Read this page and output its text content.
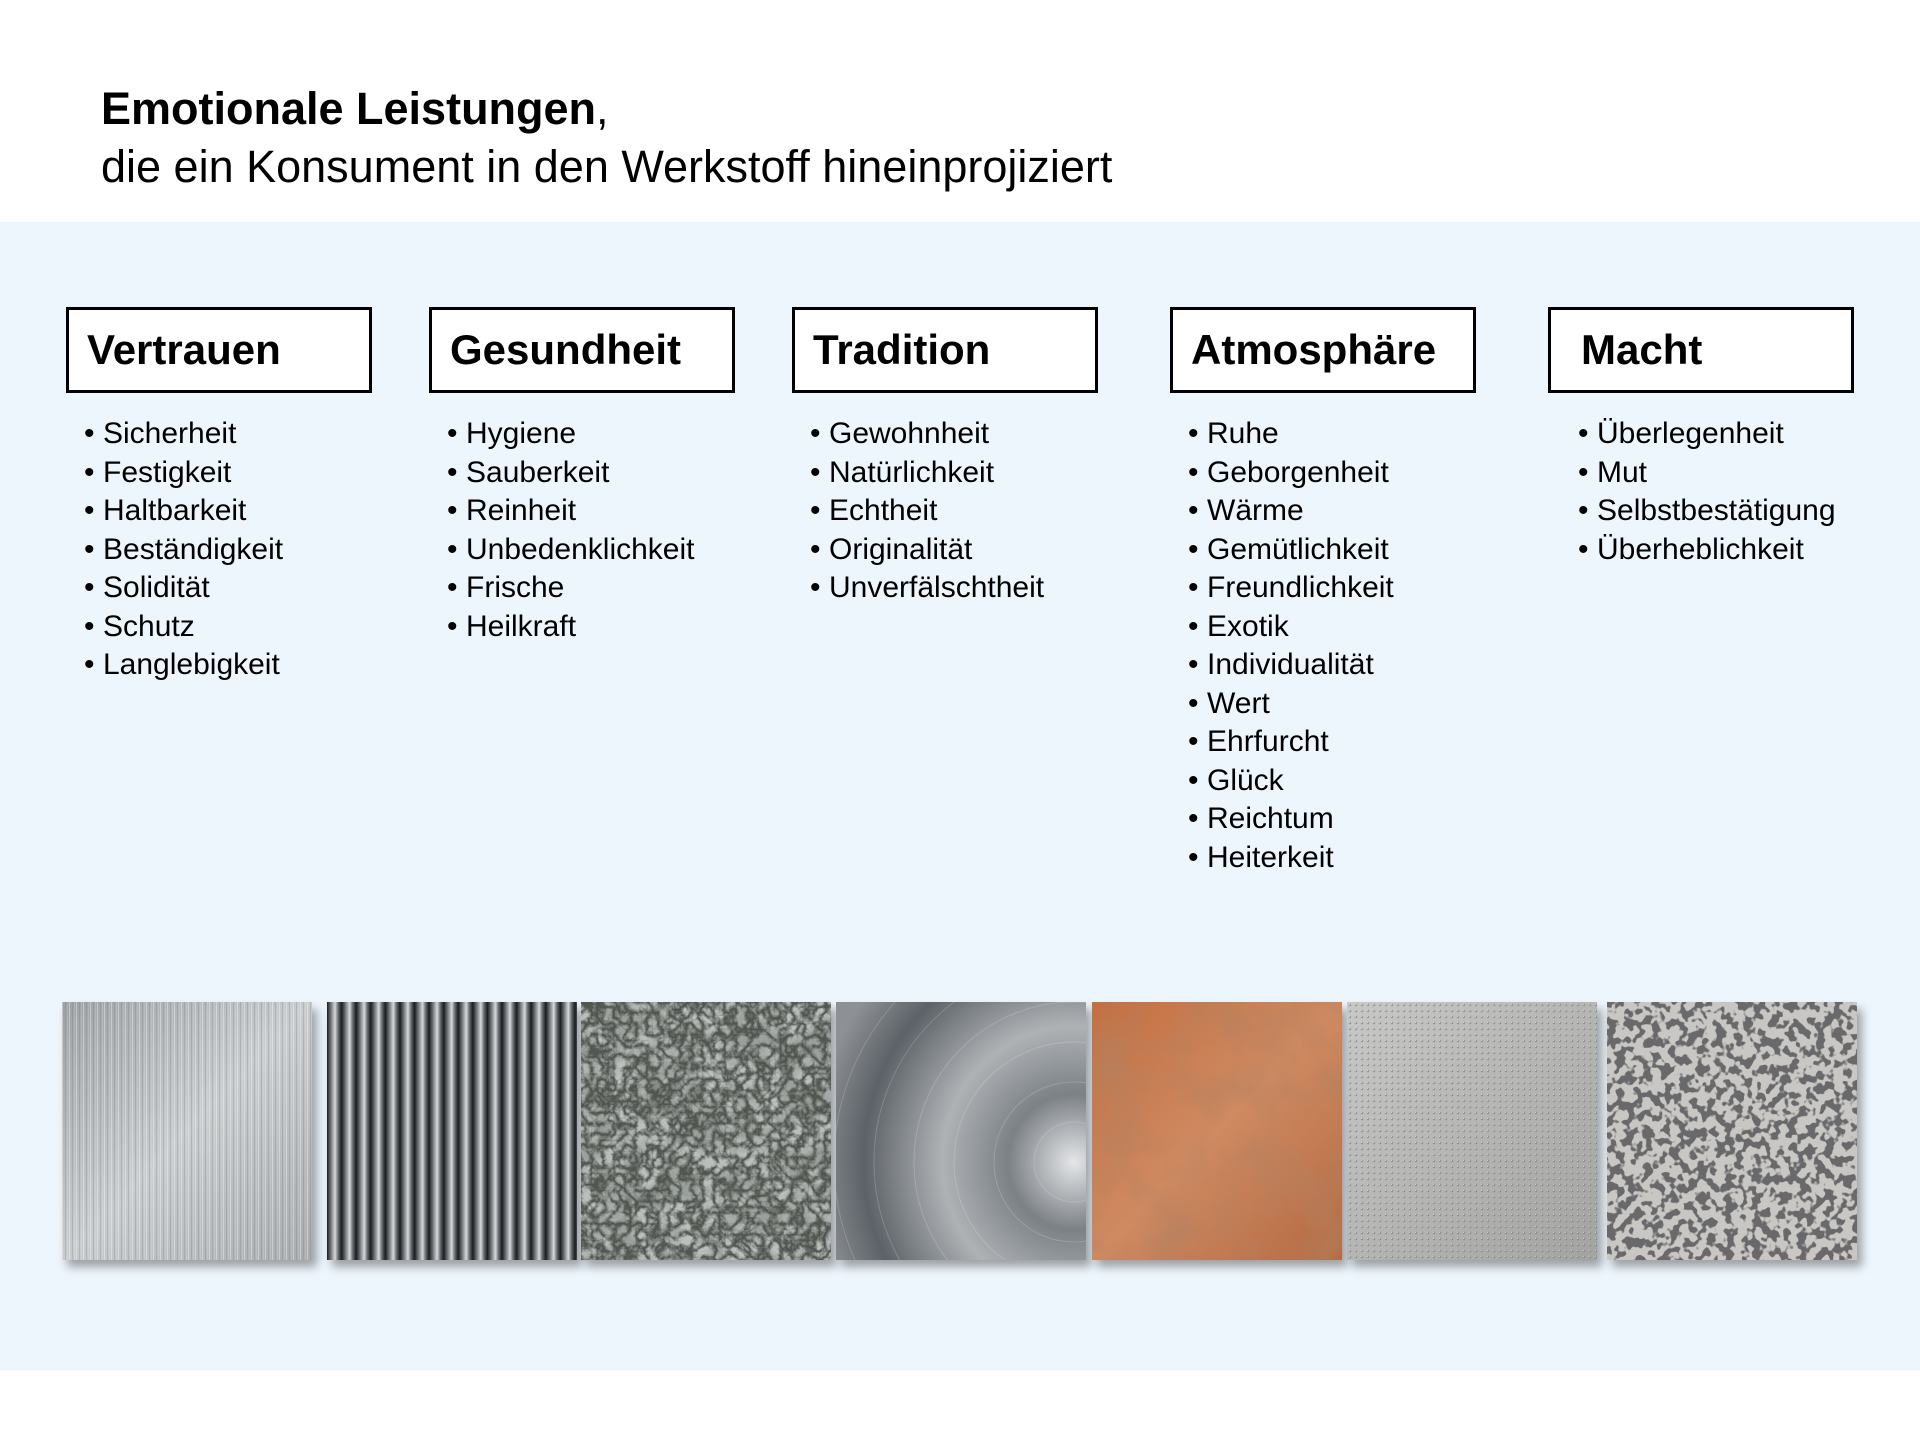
Emotionale Leistungen,
die ein Konsument in den Werkstoff hineinprojiziert
Vertrauen
• Sicherheit
• Festigkeit
• Haltbarkeit
• Beständigkeit
• Solidität
• Schutz
• Langlebigkeit
Gesundheit
• Hygiene
• Sauberkeit
• Reinheit
• Unbedenklichkeit
• Frische
• Heilkraft
Tradition
• Gewohnheit
• Natürlichkeit
• Echtheit
• Originalität
• Unverfälschtheit
Atmosphäre
• Ruhe
• Geborgenheit
• Wärme
• Gemütlichkeit
• Freundlichkeit
• Exotik
• Individualität
• Wert
• Ehrfurcht
• Glück
• Reichtum
• Heiterkeit
Macht
• Überlegenheit
• Mut
• Selbstbestätigung
• Überheblichkeit
